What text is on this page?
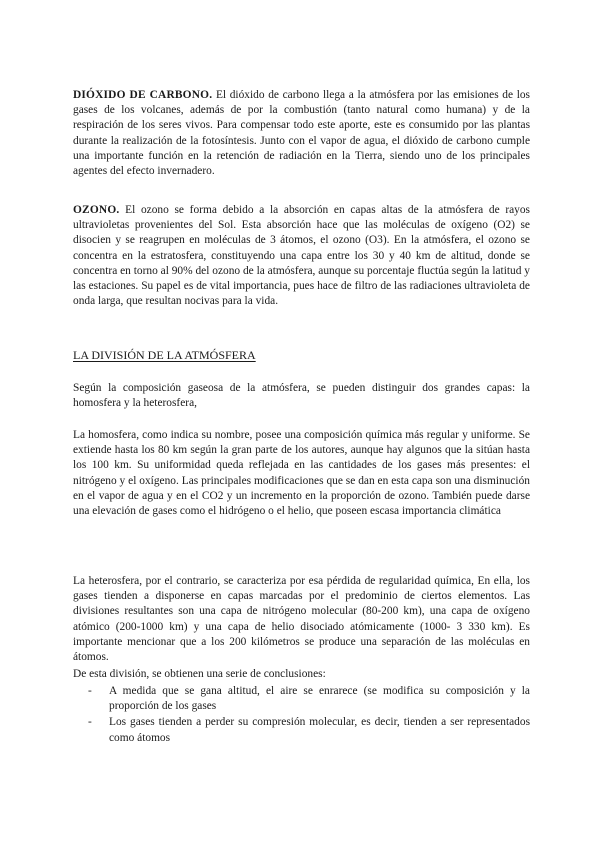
DIÓXIDO DE CARBONO. El dióxido de carbono llega a la atmósfera por las emisiones de los gases de los volcanes, además de por la combustión (tanto natural como humana) y de la respiración de los seres vivos. Para compensar todo este aporte, este es consumido por las plantas durante la realización de la fotosíntesis. Junto con el vapor de agua, el dióxido de carbono cumple una importante función en la retención de radiación en la Tierra, siendo uno de los principales agentes del efecto invernadero.

OZONO. El ozono se forma debido a la absorción en capas altas de la atmósfera de rayos ultravioletas provenientes del Sol. Esta absorción hace que las moléculas de oxígeno (O2) se disocien y se reagrupen en moléculas de 3 átomos, el ozono (O3). En la atmósfera, el ozono se concentra en la estratosfera, constituyendo una capa entre los 30 y 40 km de altitud, donde se concentra en torno al 90% del ozono de la atmósfera, aunque su porcentaje fluctúa según la latitud y las estaciones. Su papel es de vital importancia, pues hace de filtro de las radiaciones ultravioleta de onda larga, que resultan nocivas para la vida.

LA DIVISIÓN DE LA ATMÓSFERA

Según la composición gaseosa de la atmósfera, se pueden distinguir dos grandes capas: la homosfera y la heterosfera,

La homosfera, como indica su nombre, posee una composición química más regular y uniforme. Se extiende hasta los 80 km según la gran parte de los autores, aunque hay algunos que la sitúan hasta los 100 km. Su uniformidad queda reflejada en las cantidades de los gases más presentes: el nitrógeno y el oxígeno. Las principales modificaciones que se dan en esta capa son una disminución en el vapor de agua y en el CO2 y un incremento en la proporción de ozono. También puede darse una elevación de gases como el hidrógeno o el helio, que poseen escasa importancia climática

La heterosfera, por el contrario, se caracteriza por esa pérdida de regularidad química, En ella, los gases tienden a disponerse en capas marcadas por el predominio de ciertos elementos. Las divisiones resultantes son una capa de nitrógeno molecular (80-200 km), una capa de oxígeno atómico (200-1000 km) y una capa de helio disociado atómicamente (1000- 3 330 km). Es importante mencionar que a los 200 kilómetros se produce una separación de las moléculas en átomos.

De esta división, se obtienen una serie de conclusiones:

- A medida que se gana altitud, el aire se enrarece (se modifica su composición y la proporción de los gases
- Los gases tienden a perder su compresión molecular, es decir, tienden a ser representados como átomos
